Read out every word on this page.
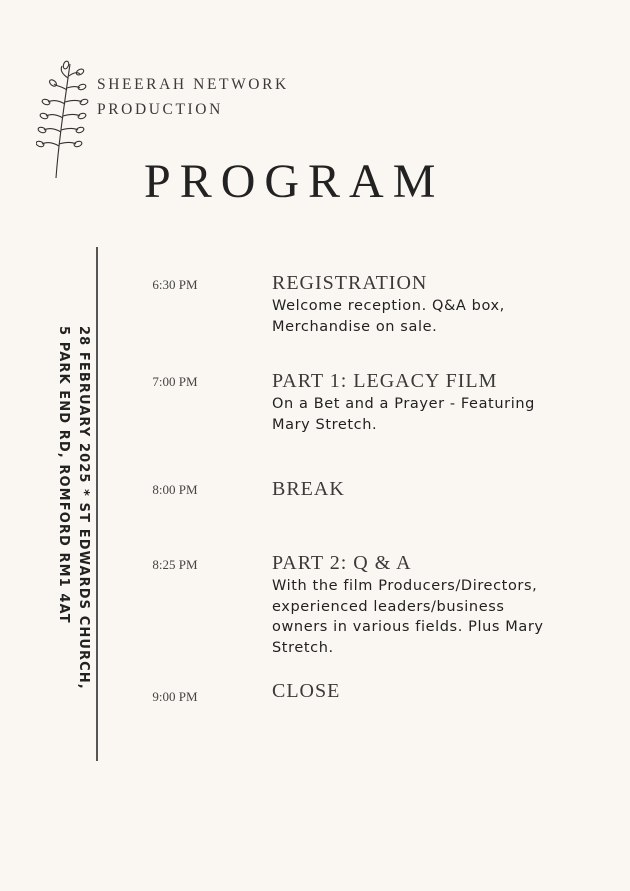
SHEERAH NETWORK
PRODUCTION
PROGRAM
28 FEBRUARY 2025 * ST EDWARDS CHURCH,
5 PARK END RD, ROMFORD RM1 4AT
6:30 PM	REGISTRATION
Welcome reception. Q&A box,
Merchandise on sale.
7:00 PM	PART 1: LEGACY FILM
On a Bet and a Prayer - Featuring
Mary Stretch.
8:00 PM	BREAK
8:25 PM	PART 2: Q & A
With the film Producers/Directors,
experienced leaders/business
owners in various fields. Plus Mary
Stretch.
9:00 PM	CLOSE
